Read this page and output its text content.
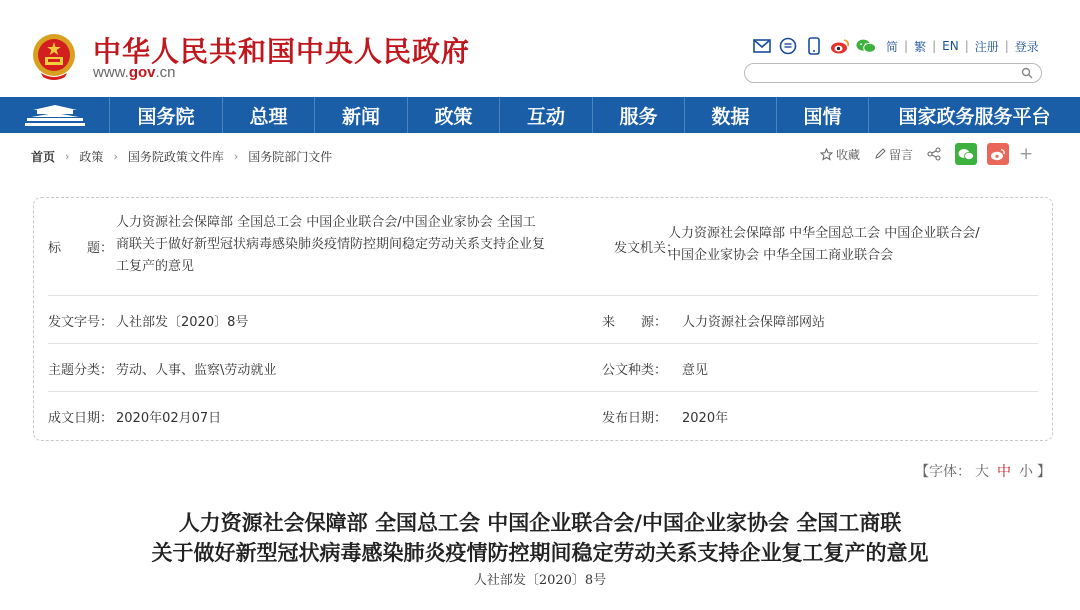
中华人民共和国中央人民政府
www.gov.cn
简 | 繁 | EN | 注册 | 登录
国务院	总理	新闻	政策	互动	服务	数据	国情	国家政务服务平台
首页 › 政策 › 国务院政策文件库 › 国务院部门文件	收藏 留言	+
标　　题：
人力资源社会保障部 全国总工会 中国企业联合会/中国企业家协会 全国工
商联关于做好新型冠状病毒感染肺炎疫情防控期间稳定劳动关系支持企业复
工复产的意见
发文机关：
人力资源社会保障部 中华全国总工会 中国企业联合会/
中国企业家协会 中华全国工商业联合会
发文字号： 人社部发〔2020〕8号	来　　源： 人力资源社会保障部网站
主题分类： 劳动、人事、监察\劳动就业	公文种类： 意见
成文日期： 2020年02月07日	发布日期： 2020年
【字体： 大 中 小 】
人力资源社会保障部 全国总工会 中国企业联合会/中国企业家协会 全国工商联
关于做好新型冠状病毒感染肺炎疫情防控期间稳定劳动关系支持企业复工复产的意见
人社部发〔2020〕8号
